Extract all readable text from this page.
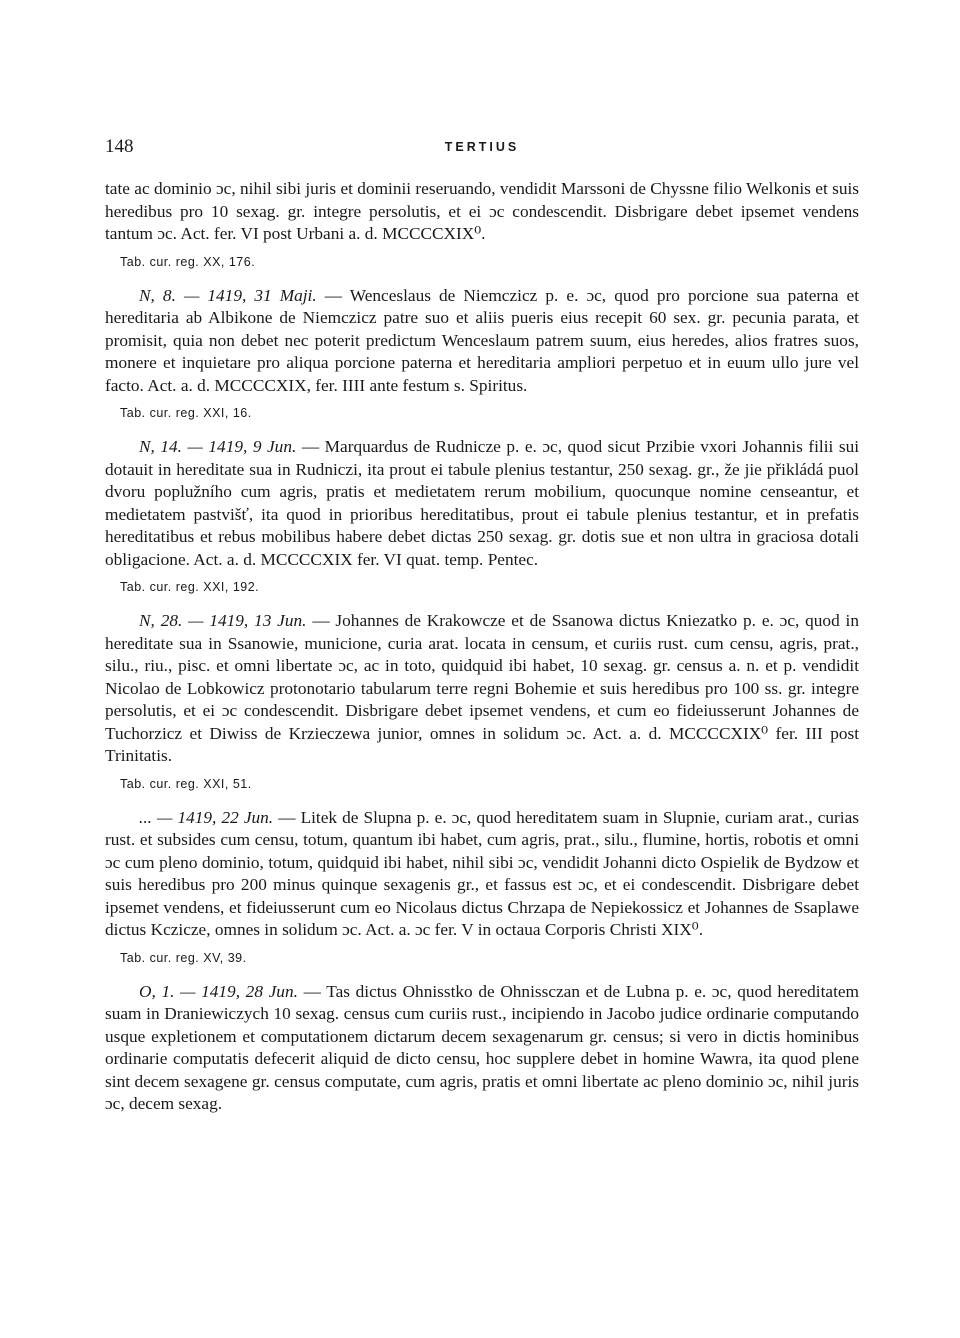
148	TERTIUS

tate ac dominio ɔc, nihil sibi juris et dominii reseruando, vendidit Marssoni de Chyssne filio Welkonis et suis heredibus pro 10 sexag. gr. integre persolutis, et ei ɔc condescendit. Disbrigare debet ipsemet vendens tantum ɔc. Act. fer. VI post Urbani a. d. MCCCCXIX⁰.

Tab. cur. reg. XX, 176.

N, 8. — 1419, 31 Maji. — Wenceslaus de Niemczicz p. e. ɔc, quod pro porcione sua paterna et hereditaria ab Albikone de Niemczicz patre suo et aliis pueris eius recepit 60 sex. gr. pecunia parata, et promisit, quia non debet nec poterit predictum Wenceslaum patrem suum, eius heredes, alios fratres suos, monere et inquietare pro aliqua porcione paterna et hereditaria ampliori perpetuo et in euum ullo jure vel facto. Act. a. d. MCCCCXIX, fer. IIII ante festum s. Spiritus.

Tab. cur. reg. XXI, 16.

N, 14. — 1419, 9 Jun. — Marquardus de Rudnicze p. e. ɔc, quod sicut Przibie vxori Johannis filii sui dotauit in hereditate sua in Rudniczi, ita prout ei tabule plenius testantur, 250 sexag. gr., že jie přikládá puol dvoru poplužního cum agris, pratis et medietatem rerum mobilium, quocunque nomine censeantur, et medietatem pastvišť, ita quod in prioribus hereditatibus, prout ei tabule plenius testantur, et in prefatis hereditatibus et rebus mobilibus habere debet dictas 250 sexag. gr. dotis sue et non ultra in graciosa dotali obligacione. Act. a. d. MCCCCXIX fer. VI quat. temp. Pentec.

Tab. cur. reg. XXI, 192.

N, 28. — 1419, 13 Jun. — Johannes de Krakowcze et de Ssanowa dictus Kniezatko p. e. ɔc, quod in hereditate sua in Ssanowie, municione, curia arat. locata in censum, et curiis rust. cum censu, agris, prat., silu., riu., pisc. et omni libertate ɔc, ac in toto, quidquid ibi habet, 10 sexag. gr. census a. n. et p. vendidit Nicolao de Lobkowicz protonotario tabularum terre regni Bohemie et suis heredibus pro 100 ss. gr. integre persolutis, et ei ɔc condescendit. Disbrigare debet ipsemet vendens, et cum eo fideiusserunt Johannes de Tuchorzicz et Diwiss de Krzieczewa junior, omnes in solidum ɔc. Act. a. d. MCCCCXIX⁰ fer. III post Trinitatis.

Tab. cur. reg. XXI, 51.

... — 1419, 22 Jun. — Litek de Slupna p. e. ɔc, quod hereditatem suam in Slupnie, curiam arat., curias rust. et subsides cum censu, totum, quantum ibi habet, cum agris, prat., silu., flumine, hortis, robotis et omni ɔc cum pleno dominio, totum, quidquid ibi habet, nihil sibi ɔc, vendidit Johanni dicto Ospielik de Bydzow et suis heredibus pro 200 minus quinque sexagenis gr., et fassus est ɔc, et ei condescendit. Disbrigare debet ipsemet vendens, et fideiusserunt cum eo Nicolaus dictus Chrzapa de Nepiekossicz et Johannes de Ssaplawe dictus Kczicze, omnes in solidum ɔc. Act. a. ɔc fer. V in octaua Corporis Christi XIX⁰.

Tab. cur. reg. XV, 39.

O, 1. — 1419, 28 Jun. — Tas dictus Ohnisstko de Ohnissczan et de Lubna p. e. ɔc, quod hereditatem suam in Draniewiczych 10 sexag. census cum curiis rust., incipiendo in Jacobo judice ordinarie computando usque expletionem et computationem dictarum decem sexagenarum gr. census; si vero in dictis hominibus ordinarie computatis defecerit aliquid de dicto censu, hoc supplere debet in homine Wawra, ita quod plene sint decem sexagene gr. census computate, cum agris, pratis et omni libertate ac pleno dominio ɔc, nihil juris ɔc, decem sexag.
